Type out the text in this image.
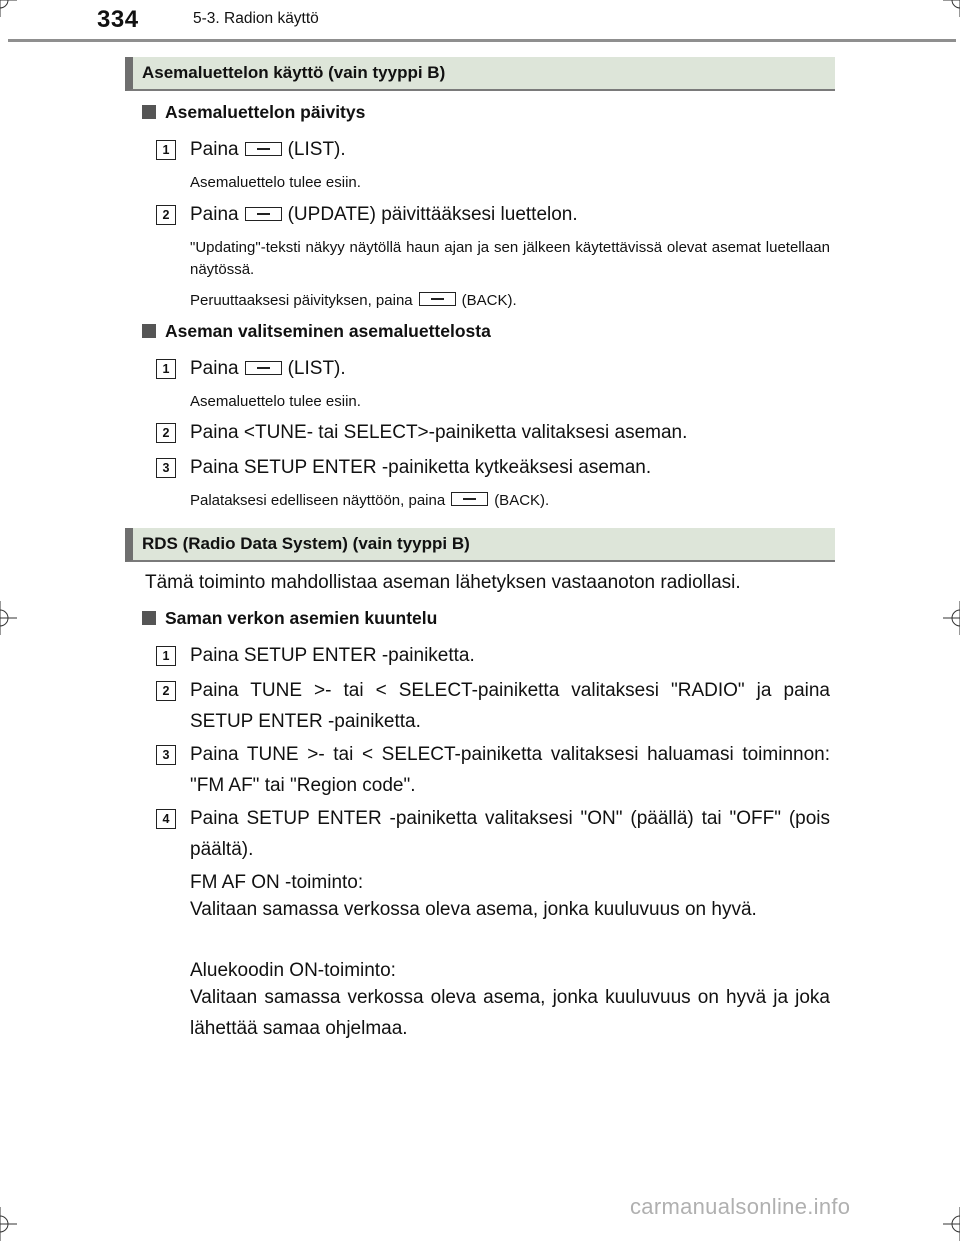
334	5-3. Radion käyttö
Asemaluettelon käyttö (vain tyyppi B)
Asemaluettelon päivitys
1	Paina	(LIST).
Asemaluettelo tulee esiin.
2	Paina	(UPDATE) päivittääksesi luettelon.
"Updating"-teksti näkyy näytöllä haun ajan ja sen jälkeen käytettävissä olevat asemat luetellaan näytössä.
Peruuttaaksesi päivityksen, paina	(BACK).
Aseman valitseminen asemaluettelosta
1	Paina	(LIST).
Asemaluettelo tulee esiin.
2	Paina <TUNE- tai SELECT>-painiketta valitaksesi aseman.
3	Paina SETUP ENTER -painiketta kytkeäksesi aseman.
Palataksesi edelliseen näyttöön, paina	(BACK).
RDS (Radio Data System) (vain tyyppi B)
Tämä toiminto mahdollistaa aseman lähetyksen vastaanoton radiollasi.
Saman verkon asemien kuuntelu
1	Paina SETUP ENTER -painiketta.
2	Paina TUNE >- tai < SELECT-painiketta valitaksesi "RADIO" ja paina SETUP ENTER -painiketta.
3	Paina TUNE >- tai < SELECT-painiketta valitaksesi haluamasi toiminnon: "FM AF" tai "Region code".
4	Paina SETUP ENTER -painiketta valitaksesi "ON" (päällä) tai "OFF" (pois päältä).
FM AF ON -toiminto:
Valitaan samassa verkossa oleva asema, jonka kuuluvuus on hyvä.
Aluekoodin ON-toiminto:
Valitaan samassa verkossa oleva asema, jonka kuuluvuus on hyvä ja joka lähettää samaa ohjelmaa.
carmanualsonline.info
